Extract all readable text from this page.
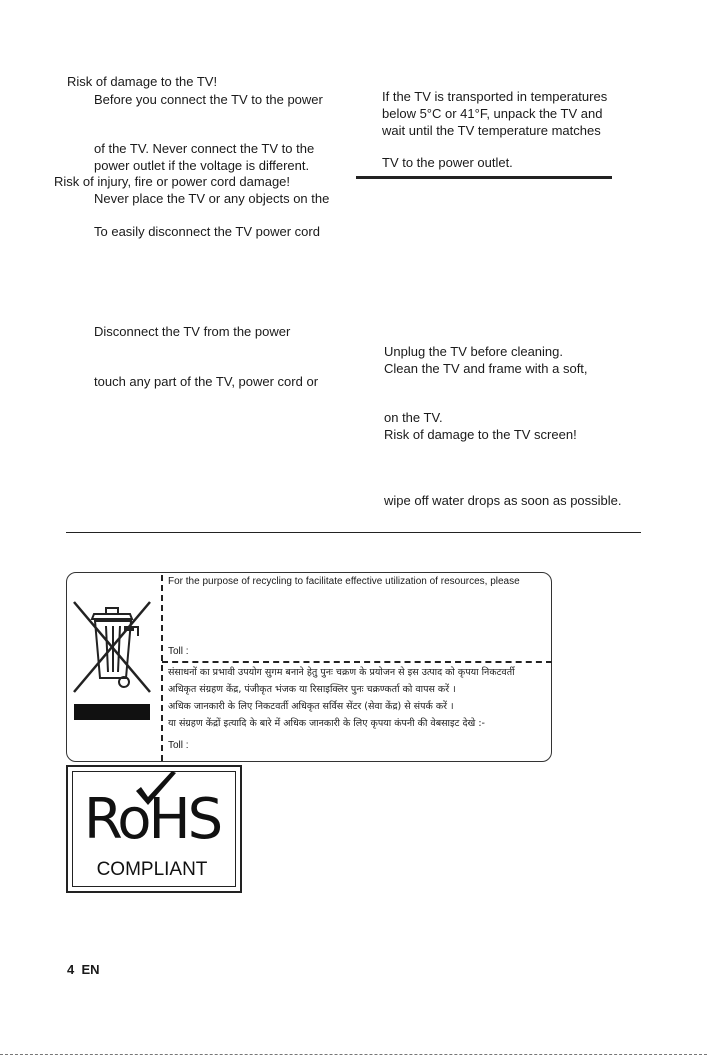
Risk of damage to the TV!
Before you connect the TV to the power
of the TV. Never connect the TV to the
power outlet if the voltage is different.
Risk of injury, fire or power cord damage!
Never place the TV or any objects on the
To easily disconnect the TV power cord
Disconnect the TV from the power
touch any part of the TV, power cord or
If the TV is transported in temperatures
below 5°C or 41°F, unpack the TV and
wait until the TV temperature matches
TV to the power outlet.
Unplug the TV before cleaning.
Clean the TV and frame with a soft,
on the TV.
Risk of damage to the TV screen!
wipe off water drops as soon as possible.
For the purpose of recycling to facilitate effective utilization of resources, please
Toll :
संसाधनों का प्रभावी उपयोग सुगम बनाने हेतु पुनः चक्रण के प्रयोजन से इस उत्पाद को कृपया निकटवर्ती
अधिकृत संग्रहण केंद्र, पंजीकृत भंजक या रिसाइक्लिर पुनः चक्रण्कर्ता को वापस करें ।
अधिक जानकारी के लिए निकटवर्ती अधिकृत सर्विस सेंटर (सेवा केंद्र) से संपर्क करें ।
या संग्रहण केंद्रों इत्यादि के बारे में अधिक जानकारी के लिए कृपया कंपनी की वेबसाइट देखे :-
Toll :
RoHS
COMPLIANT
4 EN
